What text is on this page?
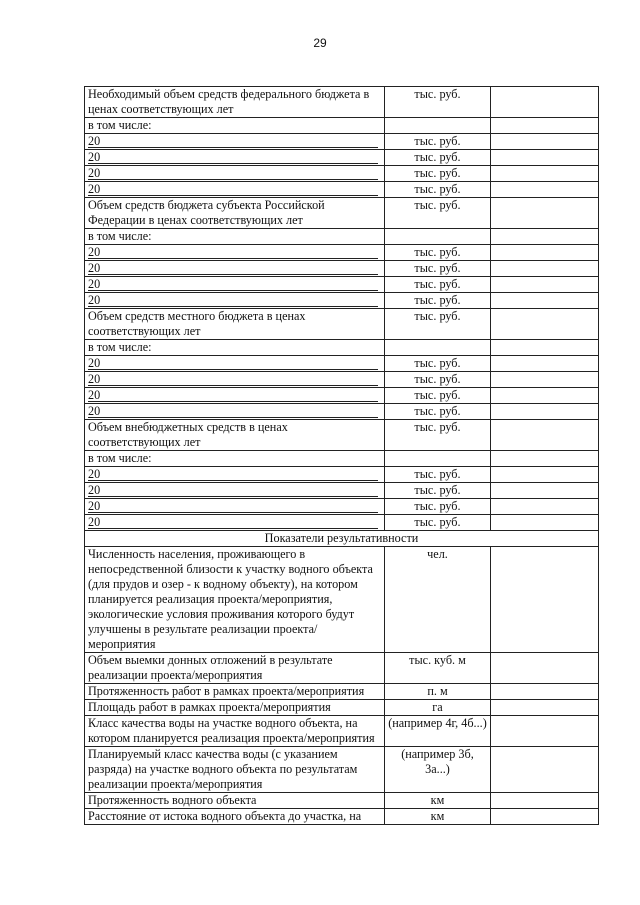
29
Необходимый объем средств федерального бюджета в ценах соответствующих лет	тыс. руб.	
в том числе:		
20	тыс. руб.	
20	тыс. руб.	
20	тыс. руб.	
20	тыс. руб.	
Объем средств бюджета субъекта Российской Федерации в ценах соответствующих лет	тыс. руб.	
в том числе:		
20	тыс. руб.	
20	тыс. руб.	
20	тыс. руб.	
20	тыс. руб.	
Объем средств местного бюджета в ценах соответствующих лет	тыс. руб.	
в том числе:		
20	тыс. руб.	
20	тыс. руб.	
20	тыс. руб.	
20	тыс. руб.	
Объем внебюджетных средств в ценах соответствующих лет	тыс. руб.	
в том числе:		
20	тыс. руб.	
20	тыс. руб.	
20	тыс. руб.	
20	тыс. руб.	
Показатели результативности		
Численность населения, проживающего в непосредственной близости к участку водного объекта (для прудов и озер - к водному объекту), на котором планируется реализация проекта/мероприятия, экологические условия проживания которого будут улучшены в результате реализации проекта/мероприятия	чел.	
Объем выемки донных отложений в результате реализации проекта/мероприятия	тыс. куб. м	
Протяженность работ в рамках проекта/мероприятия	п. м	
Площадь работ в рамках проекта/мероприятия	га	
Класс качества воды на участке водного объекта, на котором планируется реализация проекта/мероприятия	(например 4г, 4б...)	
Планируемый класс качества воды (с указанием разряда) на участке водного объекта по результатам реализации проекта/мероприятия	(например 3б, 3а...)	
Протяженность водного объекта	км	
Расстояние от истока водного объекта до участка, на	км	
